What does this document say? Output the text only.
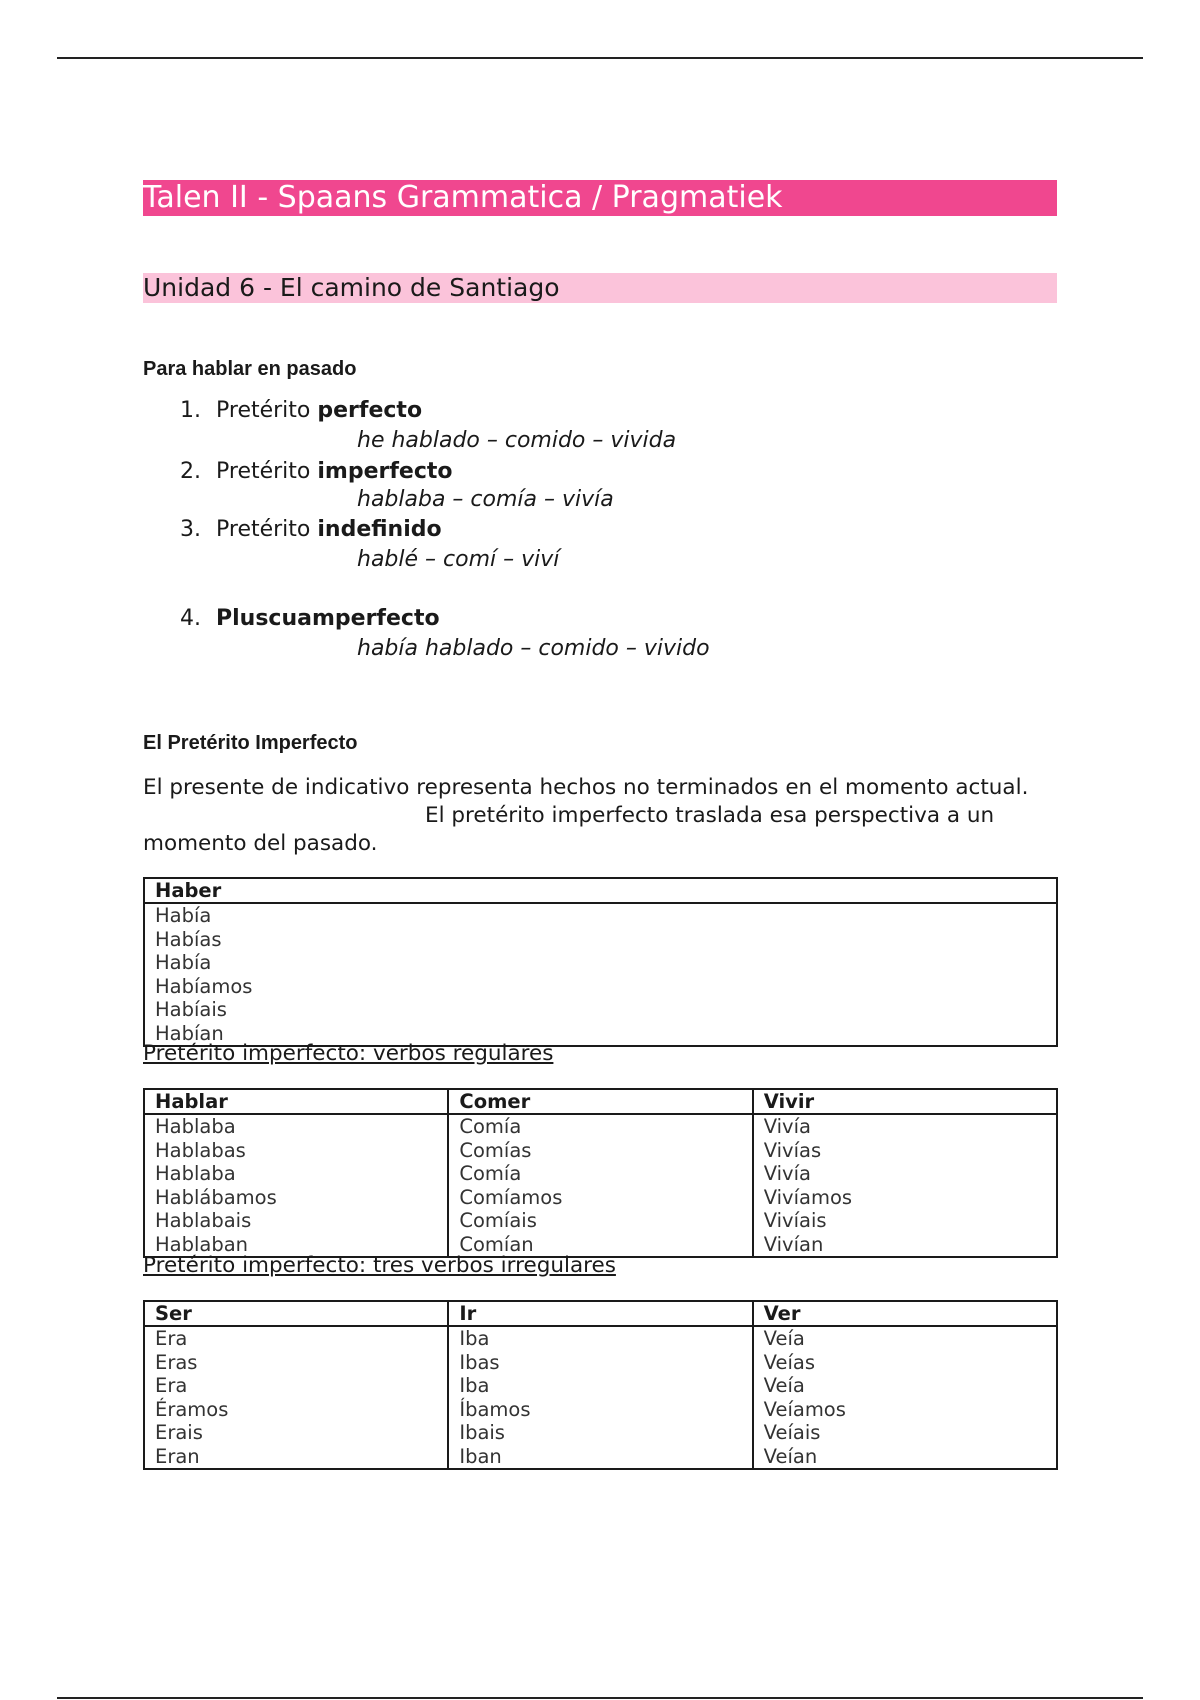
Talen II - Spaans Grammatica / Pragmatiek
Unidad 6 - El camino de Santiago
Para hablar en pasado
1. Pretérito perfecto
he hablado – comido – vivida
2. Pretérito imperfecto
hablaba – comía – vivía
3. Pretérito indefinido
hablé – comí – viví
4. Pluscuamperfecto
había hablado – comido – vivido
El Pretérito Imperfecto
El presente de indicativo representa hechos no terminados en el momento actual.
El pretérito imperfecto traslada esa perspectiva a un
momento del pasado.
Haber
Había
Habías
Había
Habíamos
Habíais
Habían
Pretérito imperfecto: verbos regulares
Hablar	Comer	Vivir
Hablaba	Comía	Vivía
Hablabas	Comías	Vivías
Hablaba	Comía	Vivía
Hablábamos	Comíamos	Vivíamos
Hablabais	Comíais	Vivíais
Hablaban	Comían	Vivían
Pretérito imperfecto: tres verbos irregulares
Ser	Ir	Ver
Era	Iba	Veía
Eras	Ibas	Veías
Era	Iba	Veía
Éramos	Íbamos	Veíamos
Erais	Ibais	Veíais
Eran	Iban	Veían
